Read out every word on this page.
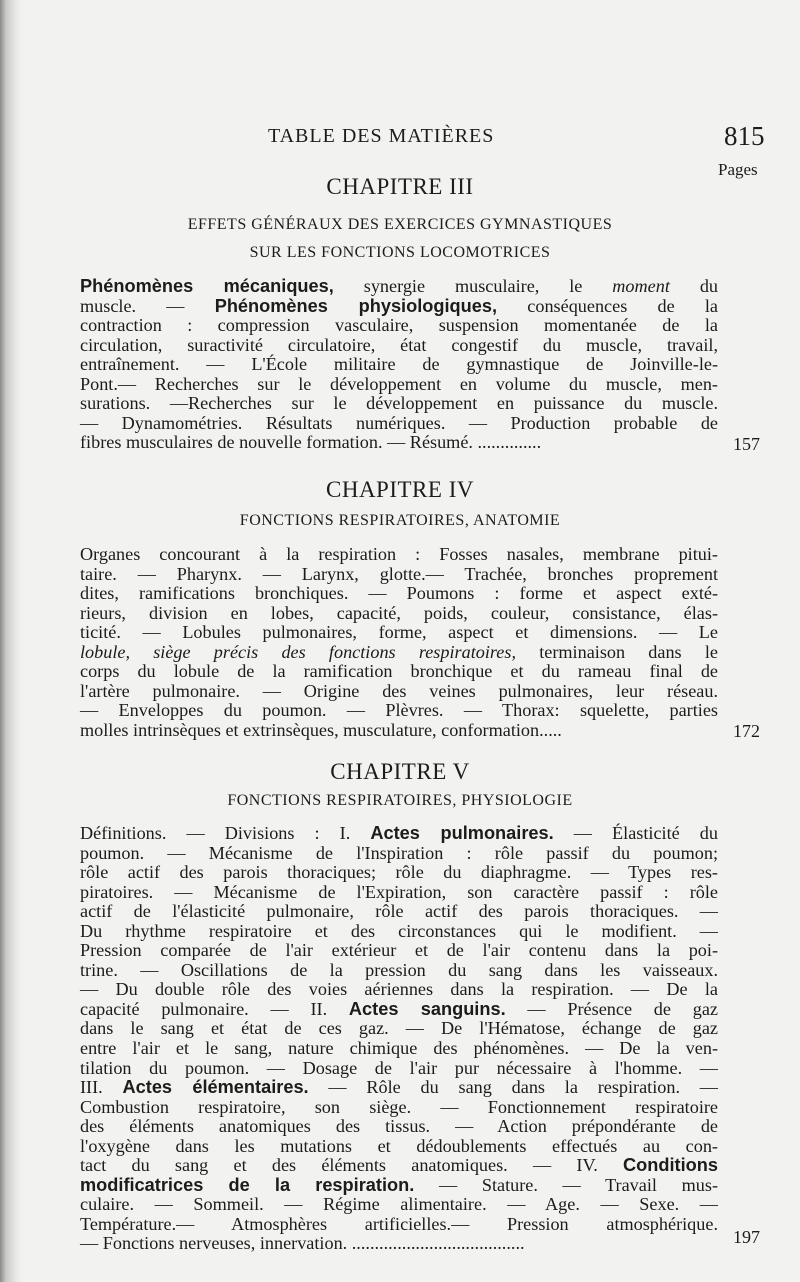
TABLE DES MATIÈRES	815
Pages
CHAPITRE III
EFFETS GÉNÉRAUX DES EXERCICES GYMNASTIQUES
SUR LES FONCTIONS LOCOMOTRICES
Phénomènes mécaniques, synergie musculaire, le moment du
muscle. — Phénomènes physiologiques, conséquences de la
contraction : compression vasculaire, suspension momentanée de la
circulation, suractivité circulatoire, état congestif du muscle, travail,
entraînement. — L'École militaire de gymnastique de Joinville-le-
Pont.— Recherches sur le développement en volume du muscle, men-
surations. —Recherches sur le développement en puissance du muscle.
— Dynamométries. Résultats numériques. — Production probable de
fibres musculaires de nouvelle formation. — Résumé. ..............	157
CHAPITRE IV
FONCTIONS RESPIRATOIRES, ANATOMIE
Organes concourant à la respiration : Fosses nasales, membrane pitui-
taire. — Pharynx. — Larynx, glotte.— Trachée, bronches proprement
dites, ramifications bronchiques. — Poumons : forme et aspect exté-
rieurs, division en lobes, capacité, poids, couleur, consistance, élas-
ticité. — Lobules pulmonaires, forme, aspect et dimensions. — Le
lobule, siège précis des fonctions respiratoires, terminaison dans le
corps du lobule de la ramification bronchique et du rameau final de
l'artère pulmonaire. — Origine des veines pulmonaires, leur réseau.
— Enveloppes du poumon. — Plèvres. — Thorax: squelette, parties
molles intrinsèques et extrinsèques, musculature, conformation.....	172
CHAPITRE V
FONCTIONS RESPIRATOIRES, PHYSIOLOGIE
Définitions. — Divisions : I. Actes pulmonaires. — Élasticité du
poumon. — Mécanisme de l'Inspiration : rôle passif du poumon;
rôle actif des parois thoraciques; rôle du diaphragme. — Types res-
piratoires. — Mécanisme de l'Expiration, son caractère passif : rôle
actif de l'élasticité pulmonaire, rôle actif des parois thoraciques. —
Du rhythme respiratoire et des circonstances qui le modifient. —
Pression comparée de l'air extérieur et de l'air contenu dans la poi-
trine. — Oscillations de la pression du sang dans les vaisseaux.
— Du double rôle des voies aériennes dans la respiration. — De la
capacité pulmonaire. — II. Actes sanguins. — Présence de gaz
dans le sang et état de ces gaz. — De l'Hématose, échange de gaz
entre l'air et le sang, nature chimique des phénomènes. — De la ven-
tilation du poumon. — Dosage de l'air pur nécessaire à l'homme. —
III. Actes élémentaires. — Rôle du sang dans la respiration. —
Combustion respiratoire, son siège. — Fonctionnement respiratoire
des éléments anatomiques des tissus. — Action prépondérante de
l'oxygène dans les mutations et dédoublements effectués au con-
tact du sang et des éléments anatomiques. — IV. Conditions
modificatrices de la respiration. — Stature. — Travail mus-
culaire. — Sommeil. — Régime alimentaire. — Age. — Sexe. —
Température.— Atmosphères artificielles.— Pression atmosphérique.
— Fonctions nerveuses, innervation. ......................................	197
